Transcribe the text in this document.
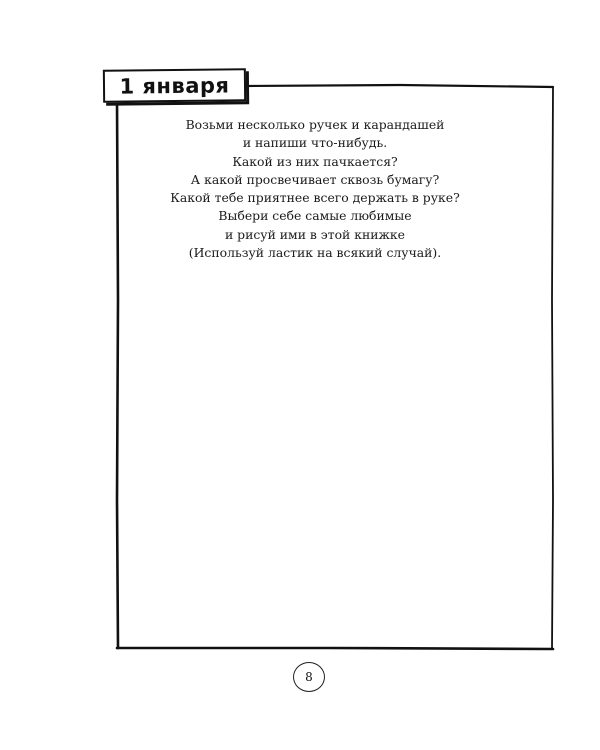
1 января
Возьми несколько ручек и карандашей
и напиши что-нибудь.
Какой из них пачкается?
А какой просвечивает сквозь бумагу?
Какой тебе приятнее всего держать в руке?
Выбери себе самые любимые
и рисуй ими в этой книжке
(Используй ластик на всякий случай).
8
